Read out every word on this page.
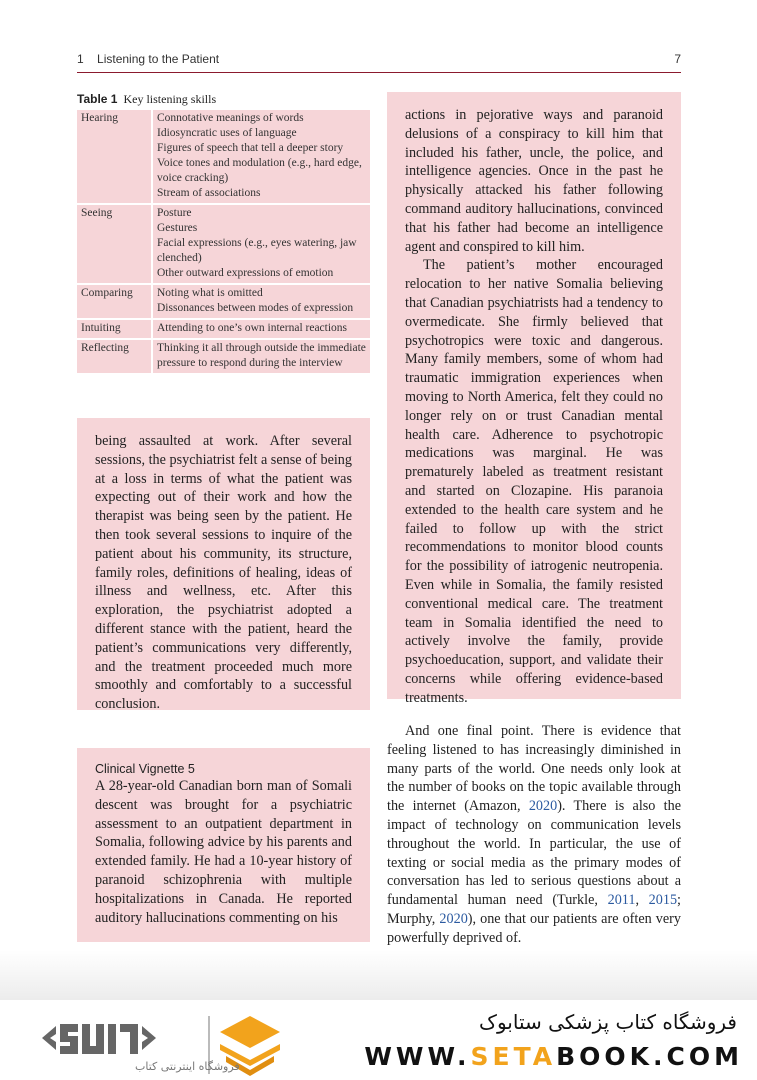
1 Listening to the Patient	7
Table 1 Key listening skills
Hearing	Connotative meanings of words
Idiosyncratic uses of language
Figures of speech that tell a deeper story
Voice tones and modulation (e.g., hard edge, voice cracking)
Stream of associations

Seeing	Posture
Gestures
Facial expressions (e.g., eyes watering, jaw clenched)
Other outward expressions of emotion

Comparing	Noting what is omitted
Dissonances between modes of expression

Intuiting	Attending to one’s own internal reactions

Reflecting	Thinking it all through outside the immediate pressure to respond during the interview

being assaulted at work. After several sessions, the psychiatrist felt a sense of being at a loss in terms of what the patient was expecting out of their work and how the therapist was being seen by the patient. He then took several sessions to inquire of the patient about his community, its structure, family roles, definitions of healing, ideas of illness and wellness, etc. After this exploration, the psychiatrist adopted a different stance with the patient, heard the patient’s communications very differently, and the treatment proceeded much more smoothly and comfortably to a successful conclusion.

Clinical Vignette 5

A 28-year-old Canadian born man of Somali descent was brought for a psychiatric assessment to an outpatient department in Somalia, following advice by his parents and extended family. He had a 10-year history of paranoid schizophrenia with multiple hospitalizations in Canada. He reported auditory hallucinations commenting on his

actions in pejorative ways and paranoid delusions of a conspiracy to kill him that included his father, uncle, the police, and intelligence agencies. Once in the past he physically attacked his father following command auditory hallucinations, convinced that his father had become an intelligence agent and conspired to kill him.

The patient’s mother encouraged relocation to her native Somalia believing that Canadian psychiatrists had a tendency to overmedicate. She firmly believed that psychotropics were toxic and dangerous. Many family members, some of whom had traumatic immigration experiences when moving to North America, felt they could no longer rely on or trust Canadian mental health care. Adherence to psychotropic medications was marginal. He was prematurely labeled as treatment resistant and started on Clozapine. His paranoia extended to the health care system and he failed to follow up with the strict recommendations to monitor blood counts for the possibility of iatrogenic neutropenia. Even while in Somalia, the family resisted conventional medical care. The treatment team in Somalia identified the need to actively involve the family, provide psychoeducation, support, and validate their concerns while offering evidence-based treatments.

And one final point. There is evidence that feeling listened to has increasingly diminished in many parts of the world. One needs only look at the number of books on the topic available through the internet (Amazon, 2020). There is also the impact of technology on communication levels throughout the world. In particular, the use of texting or social media as the primary modes of conversation has led to serious questions about a fundamental human need (Turkle, 2011, 2015; Murphy, 2020), one that our patients are often very powerfully deprived of.

فروشگاه اینترنتی کتاب
فروشگاه کتاب پزشکی ستابوک
WWW.SETABOOK.COM
